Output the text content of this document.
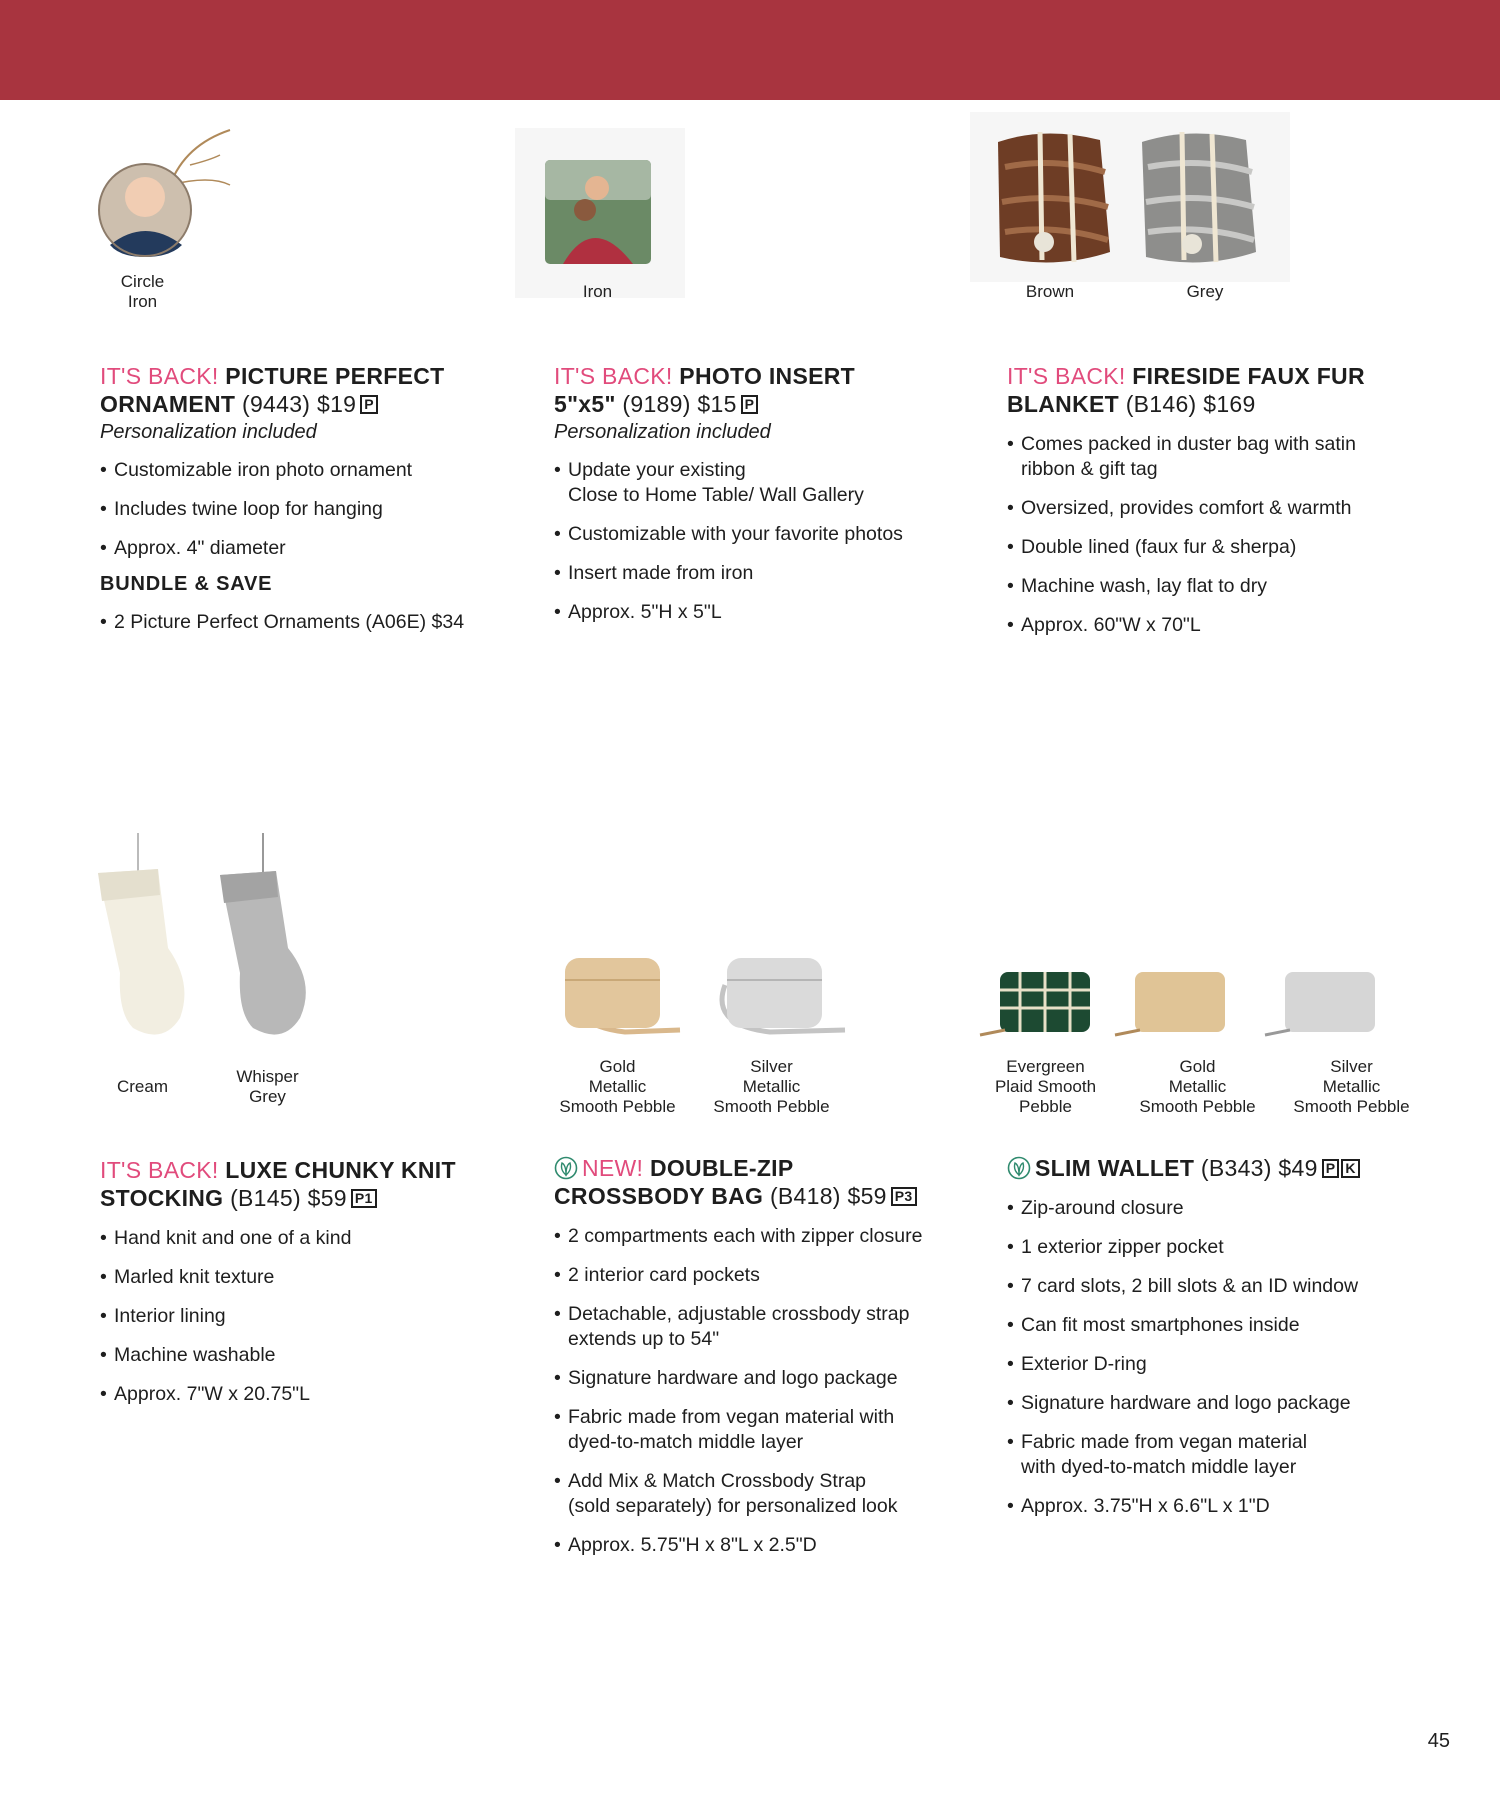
Circle
Iron
Iron	Brown	Grey
IT'S BACK! PICTURE PERFECT ORNAMENT (9443) $19 P
Personalization included
• Customizable iron photo ornament
• Includes twine loop for hanging
• Approx. 4" diameter
BUNDLE & SAVE
• 2 Picture Perfect Ornaments (A06E) $34
IT'S BACK! PHOTO INSERT 5"x5" (9189) $15 P
Personalization included
• Update your existing
Close to Home Table/ Wall Gallery
• Customizable with your favorite photos
• Insert made from iron
• Approx. 5"H x 5"L
IT'S BACK! FIRESIDE FAUX FUR BLANKET (B146) $169
• Comes packed in duster bag with satin
ribbon & gift tag
• Oversized, provides comfort & warmth
• Double lined (faux fur & sherpa)
• Machine wash, lay flat to dry
• Approx. 60"W x 70"L
Cream
Whisper
Grey
Gold
Metallic
Smooth Pebble
Silver
Metallic
Smooth Pebble
Evergreen
Plaid Smooth
Pebble
Gold
Metallic
Smooth Pebble
Silver
Metallic
Smooth Pebble
IT'S BACK! LUXE CHUNKY KNIT STOCKING (B145) $59 P1
• Hand knit and one of a kind
• Marled knit texture
• Interior lining
• Machine washable
• Approx. 7"W x 20.75"L
NEW! DOUBLE-ZIP CROSSBODY BAG (B418) $59 P3
• 2 compartments each with zipper closure
• 2 interior card pockets
• Detachable, adjustable crossbody strap
extends up to 54"
• Signature hardware and logo package
• Fabric made from vegan material with
dyed-to-match middle layer
• Add Mix & Match Crossbody Strap
(sold separately) for personalized look
• Approx. 5.75"H x 8"L x 2.5"D
SLIM WALLET (B343) $49 P K
• Zip-around closure
• 1 exterior zipper pocket
• 7 card slots, 2 bill slots & an ID window
• Can fit most smartphones inside
• Exterior D-ring
• Signature hardware and logo package
• Fabric made from vegan material
with dyed-to-match middle layer
• Approx. 3.75"H x 6.6"L x 1"D
45
